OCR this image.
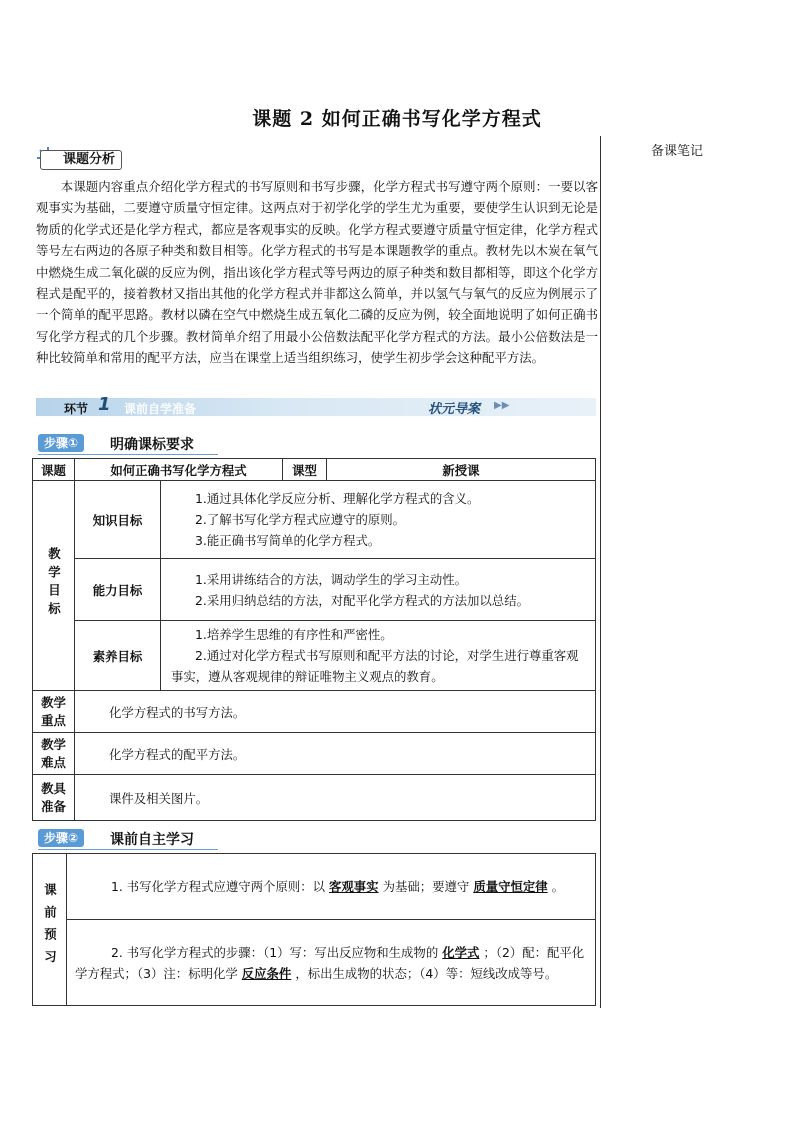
课题 2 如何正确书写化学方程式
备课笔记
课题分析
本课题内容重点介绍化学方程式的书写原则和书写步骤，化学方程式书写遵守两个原则：一要以客观事实为基础，二要遵守质量守恒定律。这两点对于初学化学的学生尤为重要，要使学生认识到无论是物质的化学式还是化学方程式，都应是客观事实的反映。化学方程式要遵守质量守恒定律，化学方程式等号左右两边的各原子种类和数目相等。化学方程式的书写是本课题教学的重点。教材先以木炭在氧气中燃烧生成二氧化碳的反应为例，指出该化学方程式等号两边的原子种类和数目都相等，即这个化学方程式是配平的，接着教材又指出其他的化学方程式并非都这么简单，并以氢气与氧气的反应为例展示了一个简单的配平思路。教材以磷在空气中燃烧生成五氧化二磷的反应为例，较全面地说明了如何正确书写化学方程式的几个步骤。教材简单介绍了用最小公倍数法配平化学方程式的方法。最小公倍数法是一种比较简单和常用的配平方法，应当在课堂上适当组织练习，使学生初步学会这种配平方法。
环节 1 课前自学准备	状元导案 ▶▶
步骤①	明确课标要求
课题	如何正确书写化学方程式		课型	新授课
教学目标	知识目标	1.通过具体化学反应分析、理解化学方程式的含义。
2.了解书写化学方程式应遵守的原则。
3.能正确书写简单的化学方程式。		

	能力目标	1.采用讲练结合的方法，调动学生的学习主动性。
2.采用归纳总结的方法，对配平化学方程式的方法加以总结。		

	素养目标	1.培养学生思维的有序性和严密性。
2.通过对化学方程式书写原则和配平方法的讨论，对学生进行尊重客观事实，遵从客观规律的辩证唯物主义观点的教育。		

教学重点	化学方程式的书写方法。			
教学难点	化学方程式的配平方法。			
教具准备	课件及相关图片。			
步骤②	课前自主学习
课前预习	1. 书写化学方程式应遵守两个原则：以 客观事实 为基础；要遵守 质量守恒定律 。
2. 书写化学方程式的步骤：（1）写：写出反应物和生成物的 化学式 ；（2）配：配平化学方程式；（3）注：标明化学 反应条件 ，标出生成物的状态；（4）等：短线改成等号。
